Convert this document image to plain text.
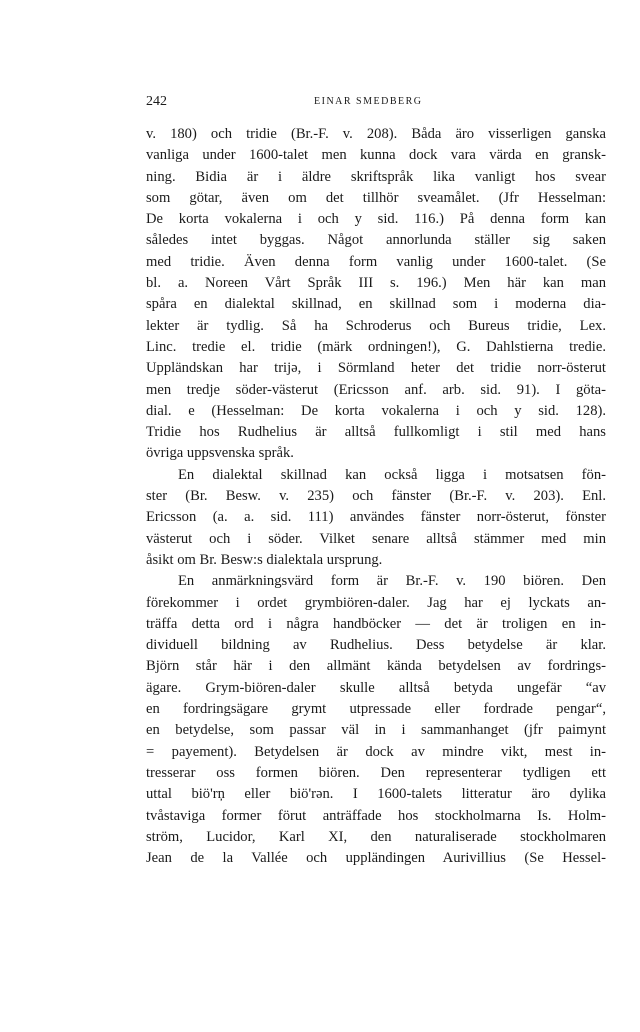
242	EINAR SMEDBERG
v. 180) och tridie (Br.-F. v. 208). Båda äro visserligen ganska
vanliga under 1600-talet men kunna dock vara värda en gransk-
ning. Bidia är i äldre skriftspråk lika vanligt hos svear
som götar, även om det tillhör sveamålet. (Jfr Hesselman:
De korta vokalerna i och y sid. 116.) På denna form kan
således intet byggas. Något annorlunda ställer sig saken
med tridie. Även denna form vanlig under 1600-talet. (Se
bl. a. Noreen Vårt Språk III s. 196.) Men här kan man
spåra en dialektal skillnad, en skillnad som i moderna dia-
lekter är tydlig. Så ha Schroderus och Bureus tridie, Lex.
Linc. tredie el. tridie (märk ordningen!), G. Dahlstierna tredie.
Uppländskan har trijə, i Sörmland heter det tridie norr-österut
men tredje söder-västerut (Ericsson anf. arb. sid. 91). I göta-
dial. e (Hesselman: De korta vokalerna i och y sid. 128).
Tridie hos Rudhelius är alltså fullkomligt i stil med hans
övriga uppsvenska språk.
En dialektal skillnad kan också ligga i motsatsen fön-
ster (Br. Besw. v. 235) och fänster (Br.-F. v. 203). Enl.
Ericsson (a. a. sid. 111) användes fänster norr-österut, fönster
västerut och i söder. Vilket senare alltså stämmer med min
åsikt om Br. Besw:s dialektala ursprung.
En anmärkningsvärd form är Br.-F. v. 190 biören. Den
förekommer i ordet grymbiören-daler. Jag har ej lyckats an-
träffa detta ord i några handböcker — det är troligen en in-
dividuell bildning av Rudhelius. Dess betydelse är klar.
Björn står här i den allmänt kända betydelsen av fordrings-
ägare. Grym-biören-daler skulle alltså betyda ungefär “av
en fordringsägare grymt utpressade eller fordrade pengar“,
en betydelse, som passar väl in i sammanhanget (jfr paimynt
= payement). Betydelsen är dock av mindre vikt, mest in-
tresserar oss formen biören. Den representerar tydligen ett
uttal biö'rņ eller biö'rən. I 1600-talets litteratur äro dylika
tvåstaviga former förut anträffade hos stockholmarna Is. Holm-
ström, Lucidor, Karl XI, den naturaliserade stockholmaren
Jean de la Vallée och uppländingen Aurivillius (Se Hessel-
